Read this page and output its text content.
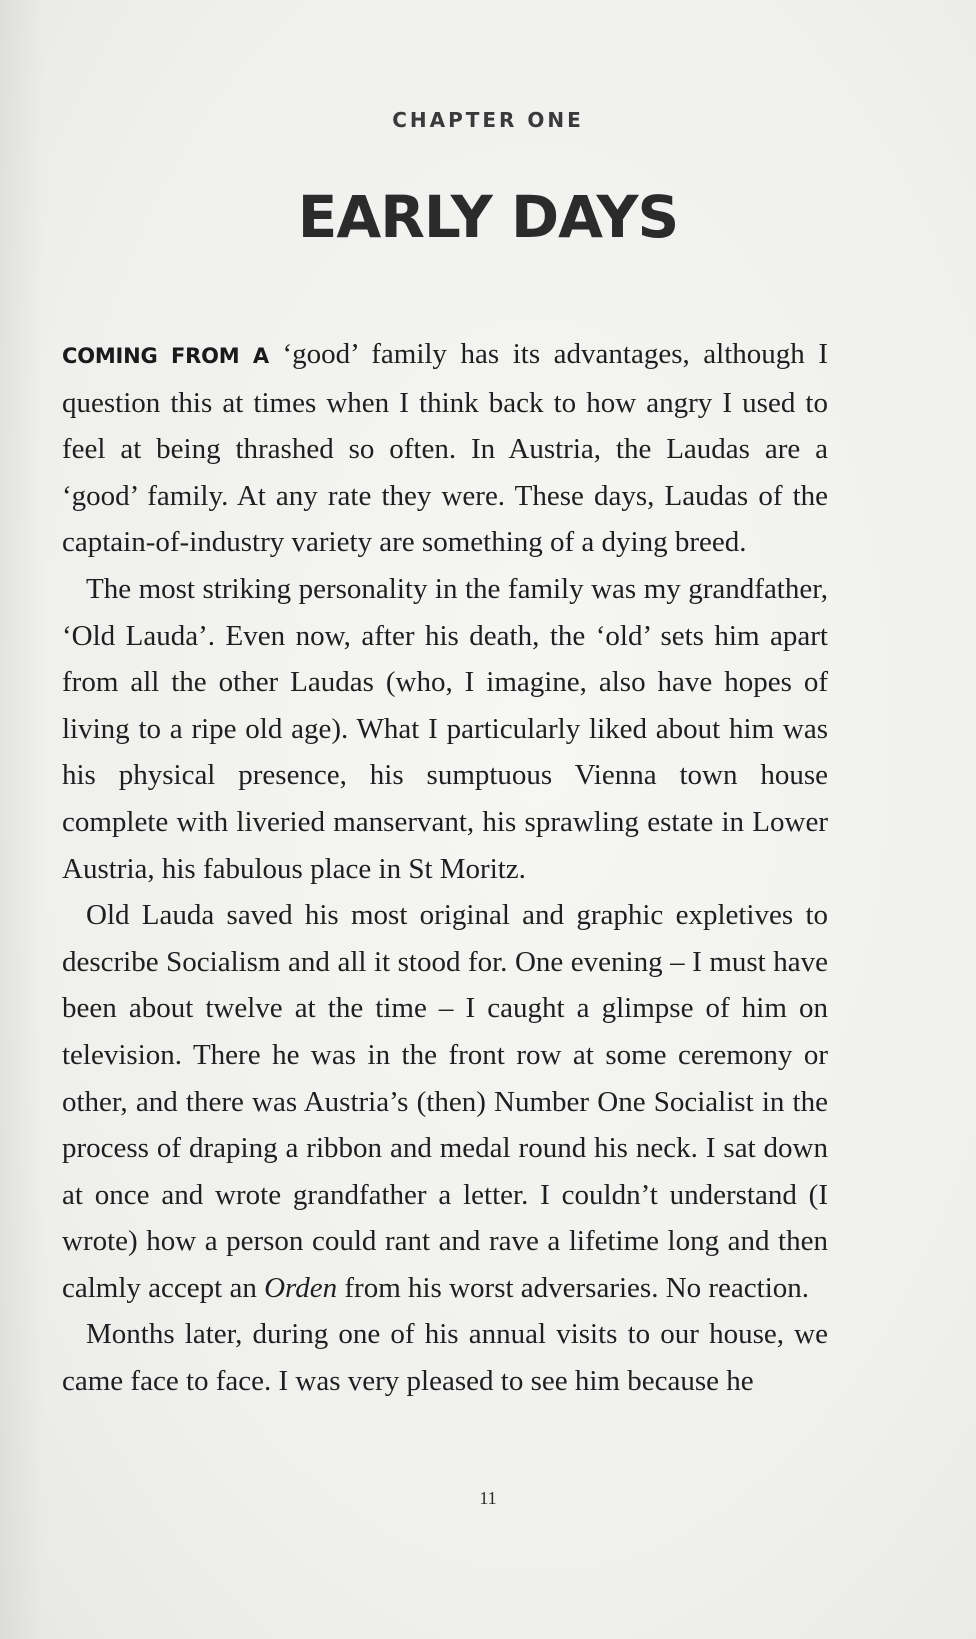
CHAPTER ONE
EARLY DAYS

COMING FROM A ‘good’ family has its advantages, although I question this at times when I think back to how angry I used to feel at being thrashed so often. In Austria, the Laudas are a ‘good’ family. At any rate they were. These days, Laudas of the captain-of-industry variety are something of a dying breed.

The most striking personality in the family was my grandfather, ‘Old Lauda’. Even now, after his death, the ‘old’ sets him apart from all the other Laudas (who, I imagine, also have hopes of living to a ripe old age). What I particularly liked about him was his physical presence, his sumptuous Vienna town house complete with liveried manservant, his sprawling estate in Lower Austria, his fabulous place in St Moritz.

Old Lauda saved his most original and graphic expletives to describe Socialism and all it stood for. One evening – I must have been about twelve at the time – I caught a glimpse of him on television. There he was in the front row at some ceremony or other, and there was Austria’s (then) Number One Socialist in the process of draping a ribbon and medal round his neck. I sat down at once and wrote grandfather a letter. I couldn’t understand (I wrote) how a person could rant and rave a lifetime long and then calmly accept an Orden from his worst adversaries. No reaction.

Months later, during one of his annual visits to our house, we came face to face. I was very pleased to see him because he

11
